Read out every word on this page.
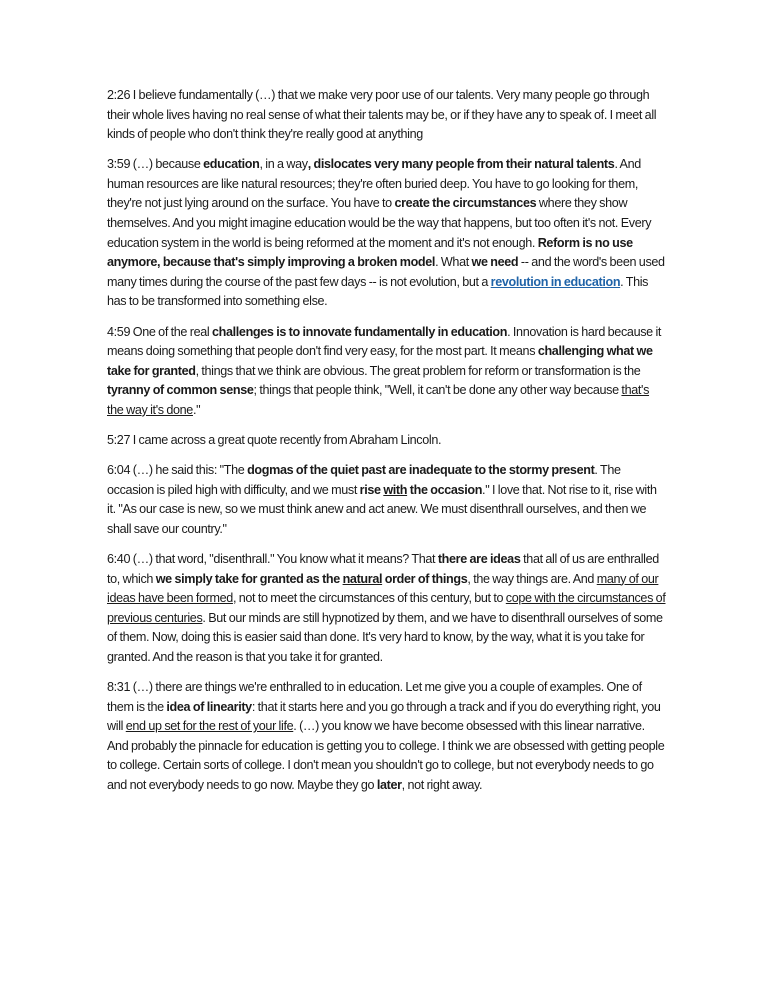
2:26 I believe fundamentally (…) that we make very poor use of our talents. Very many people go through their whole lives having no real sense of what their talents may be, or if they have any to speak of. I meet all kinds of people who don't think they're really good at anything

3:59 (…) because education, in a way, dislocates very many people from their natural talents. And human resources are like natural resources; they're often buried deep. You have to go looking for them, they're not just lying around on the surface. You have to create the circumstances where they show themselves. And you might imagine education would be the way that happens, but too often it's not. Every education system in the world is being reformed at the moment and it's not enough. Reform is no use anymore, because that's simply improving a broken model. What we need -- and the word's been used many times during the course of the past few days -- is not evolution, but a revolution in education. This has to be transformed into something else.

4:59 One of the real challenges is to innovate fundamentally in education. Innovation is hard because it means doing something that people don't find very easy, for the most part. It means challenging what we take for granted, things that we think are obvious. The great problem for reform or transformation is the tyranny of common sense; things that people think, "Well, it can't be done any other way because that's the way it's done."

5:27 I came across a great quote recently from Abraham Lincoln.

6:04 (…) he said this: "The dogmas of the quiet past are inadequate to the stormy present. The occasion is piled high with difficulty, and we must rise with the occasion." I love that. Not rise to it, rise with it. "As our case is new, so we must think anew and act anew. We must disenthrall ourselves, and then we shall save our country."

6:40 (…) that word, "disenthrall." You know what it means? That there are ideas that all of us are enthralled to, which we simply take for granted as the natural order of things, the way things are. And many of our ideas have been formed, not to meet the circumstances of this century, but to cope with the circumstances of previous centuries. But our minds are still hypnotized by them, and we have to disenthrall ourselves of some of them. Now, doing this is easier said than done. It's very hard to know, by the way, what it is you take for granted. And the reason is that you take it for granted.

8:31 (…) there are things we're enthralled to in education. Let me give you a couple of examples. One of them is the idea of linearity: that it starts here and you go through a track and if you do everything right, you will end up set for the rest of your life. (…) you know we have become obsessed with this linear narrative. And probably the pinnacle for education is getting you to college. I think we are obsessed with getting people to college. Certain sorts of college. I don't mean you shouldn't go to college, but not everybody needs to go and not everybody needs to go now. Maybe they go later, not right away.
